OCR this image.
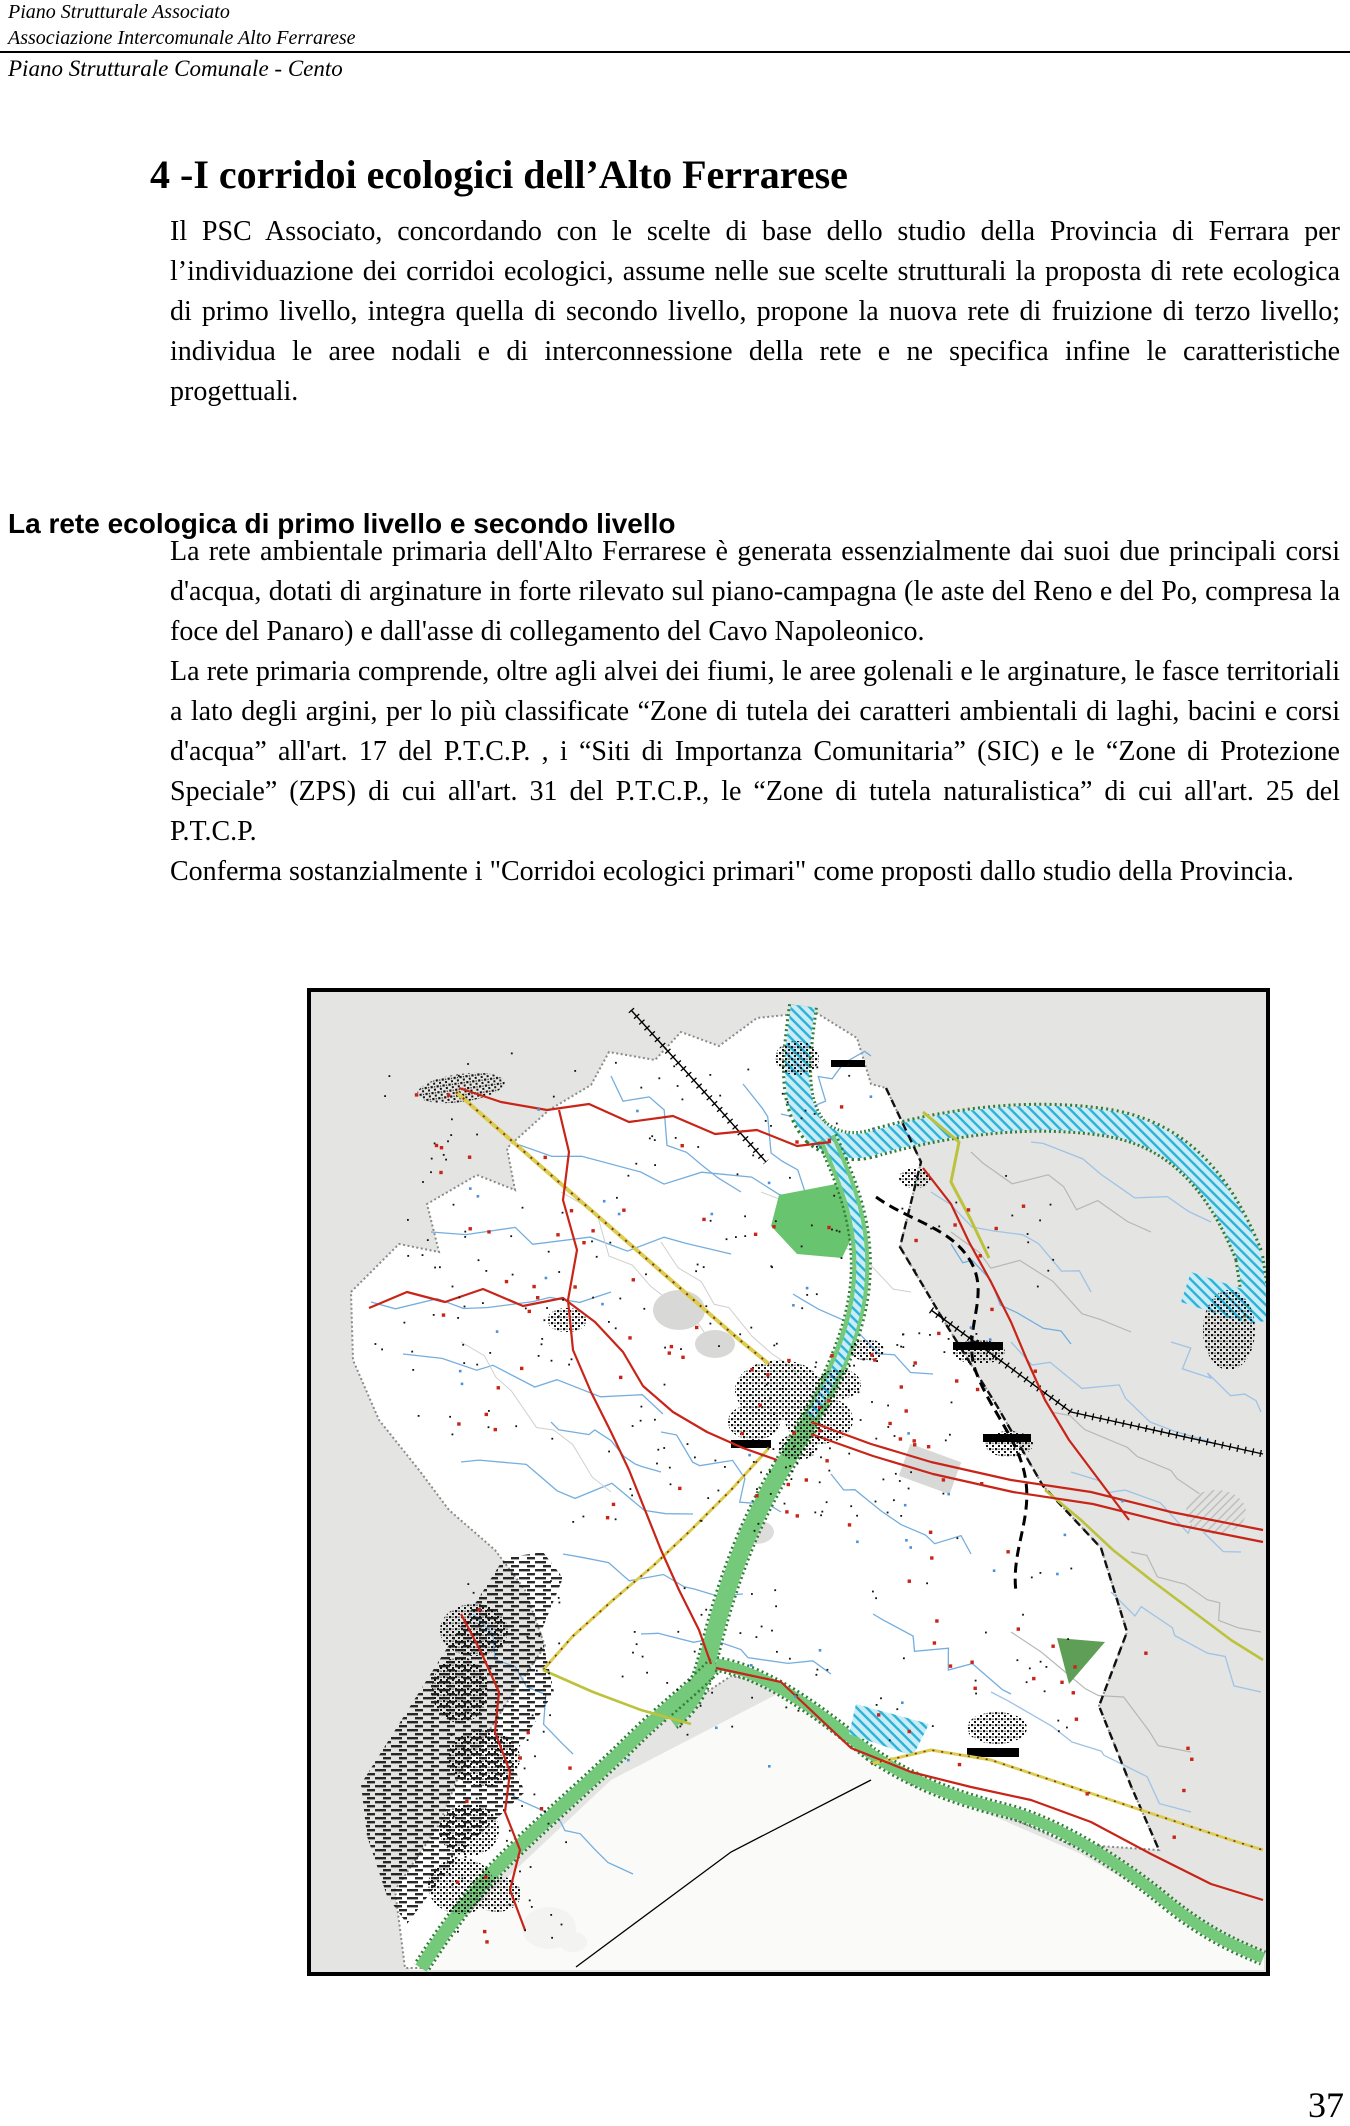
Piano Strutturale Associato
Associazione Intercomunale Alto Ferrarese
Piano Strutturale Comunale - Cento
4 -I corridoi ecologici dell’Alto Ferrarese
Il PSC Associato, concordando con le scelte di base dello studio della Provincia di Ferrara per l’individuazione dei corridoi ecologici, assume nelle sue scelte strutturali la proposta di rete ecologica di primo livello, integra quella di secondo livello, propone la nuova rete di fruizione di terzo livello; individua le aree nodali e di interconnessione della rete e ne specifica infine le caratteristiche progettuali.
La rete ecologica di primo livello e secondo livello

La rete ambientale primaria dell'Alto Ferrarese è generata essenzialmente dai suoi due principali corsi d'acqua, dotati di arginature in forte rilevato sul piano-campagna (le aste del Reno e del Po, compresa la foce del Panaro) e dall'asse di collegamento del Cavo Napoleonico.

La rete primaria comprende, oltre agli alvei dei fiumi, le aree golenali e le arginature, le fasce territoriali a lato degli argini, per lo più classificate “Zone di tutela dei caratteri ambientali di laghi, bacini e corsi d'acqua” all'art. 17 del P.T.C.P. , i “Siti di Importanza Comunitaria” (SIC) e le “Zone di Protezione Speciale” (ZPS) di cui all'art. 31 del P.T.C.P., le “Zone di tutela naturalistica” di cui all'art. 25 del P.T.C.P.

Conferma sostanzialmente i "Corridoi ecologici primari" come proposti dallo studio della Provincia.

37
